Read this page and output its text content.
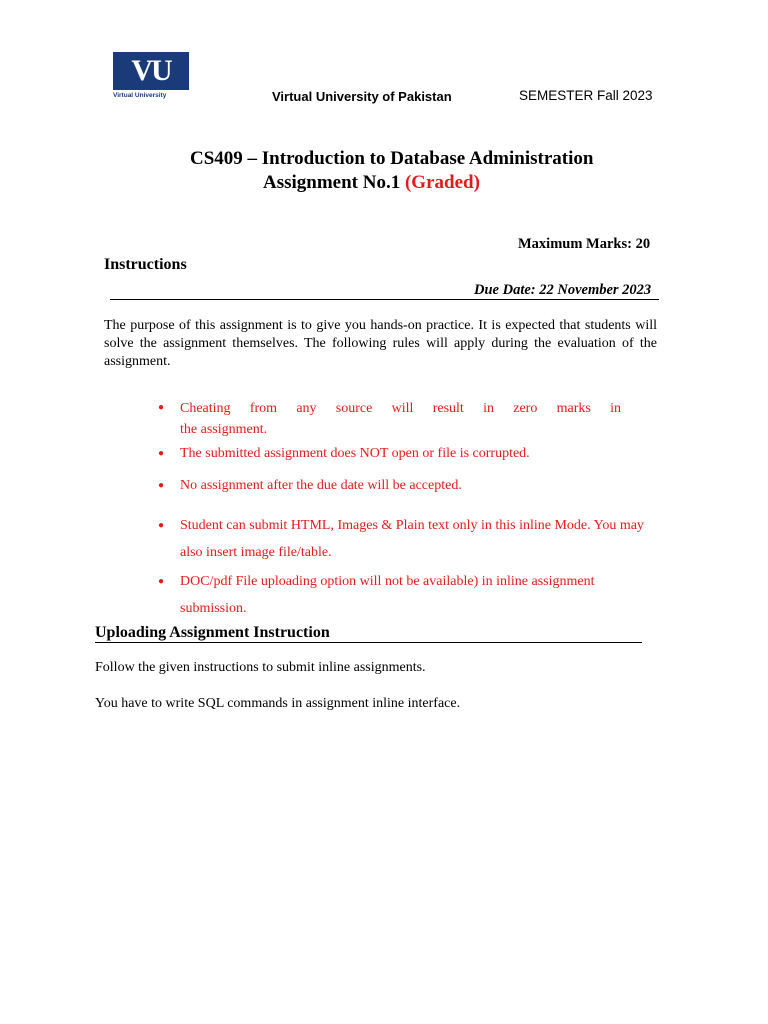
VU
Virtual University	Virtual University of Pakistan	SEMESTER Fall 2023
CS409 – Introduction to Database Administration
Assignment No.1 (Graded)
Maximum Marks: 20
Instructions
Due Date: 22 November 2023
The purpose of this assignment is to give you hands-on practice. It is expected that students will solve the assignment themselves. The following rules will apply during the evaluation of the assignment.
●	Cheating from any source will result in zero marks in
the assignment.
●	The submitted assignment does NOT open or file is corrupted.
●	No assignment after the due date will be accepted.
●	Student can submit HTML, Images & Plain text only in this inline Mode. You may also insert image file/table.
●	DOC/pdf File uploading option will not be available) in inline assignment submission.
Uploading Assignment Instruction
Follow the given instructions to submit inline assignments.
You have to write SQL commands in assignment inline interface.
